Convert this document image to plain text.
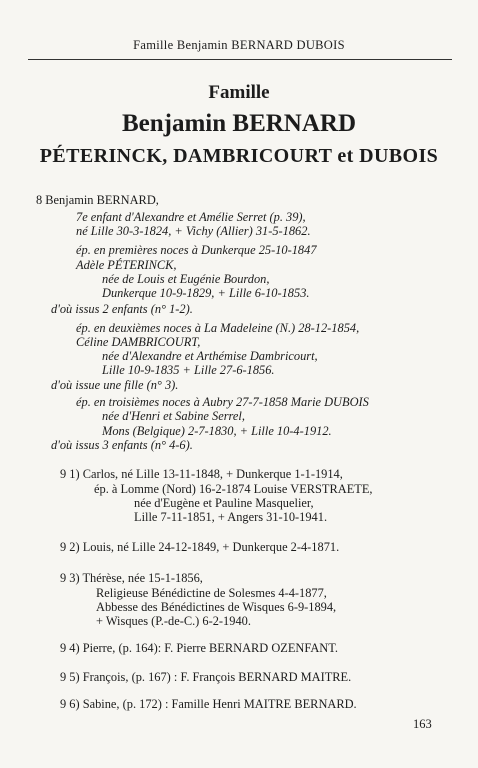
Famille Benjamin BERNARD DUBOIS
Famille
Benjamin BERNARD
PÉTERINCK, DAMBRICOURT et DUBOIS
8 Benjamin BERNARD,
7e enfant d'Alexandre et Amélie Serret (p. 39),
né Lille 30-3-1824, + Vichy (Allier) 31-5-1862.
ép. en premières noces à Dunkerque 25-10-1847
Adèle PÉTERINCK,
née de Louis et Eugénie Bourdon,
Dunkerque 10-9-1829, + Lille 6-10-1853.
d'où issus 2 enfants (n° 1-2).
ép. en deuxièmes noces à La Madeleine (N.) 28-12-1854,
Céline DAMBRICOURT,
née d'Alexandre et Arthémise Dambricourt,
Lille 10-9-1835 + Lille 27-6-1856.
d'où issue une fille (n° 3).
ép. en troisièmes noces à Aubry 27-7-1858 Marie DUBOIS
née d'Henri et Sabine Serrel,
Mons (Belgique) 2-7-1830, + Lille 10-4-1912.
d'où issus 3 enfants (n° 4-6).
9 1) Carlos, né Lille 13-11-1848, + Dunkerque 1-1-1914,
ép. à Lomme (Nord) 16-2-1874 Louise VERSTRAETE,
née d'Eugène et Pauline Masquelier,
Lille 7-11-1851, + Angers 31-10-1941.
9 2) Louis, né Lille 24-12-1849, + Dunkerque 2-4-1871.
9 3) Thérèse, née 15-1-1856,
Religieuse Bénédictine de Solesmes 4-4-1877,
Abbesse des Bénédictines de Wisques 6-9-1894,
+ Wisques (P.-de-C.) 6-2-1940.
9 4) Pierre, (p. 164): F. Pierre BERNARD OZENFANT.
9 5) François, (p. 167) : F. François BERNARD MAITRE.
9 6) Sabine, (p. 172) : Famille Henri MAITRE BERNARD.
163
